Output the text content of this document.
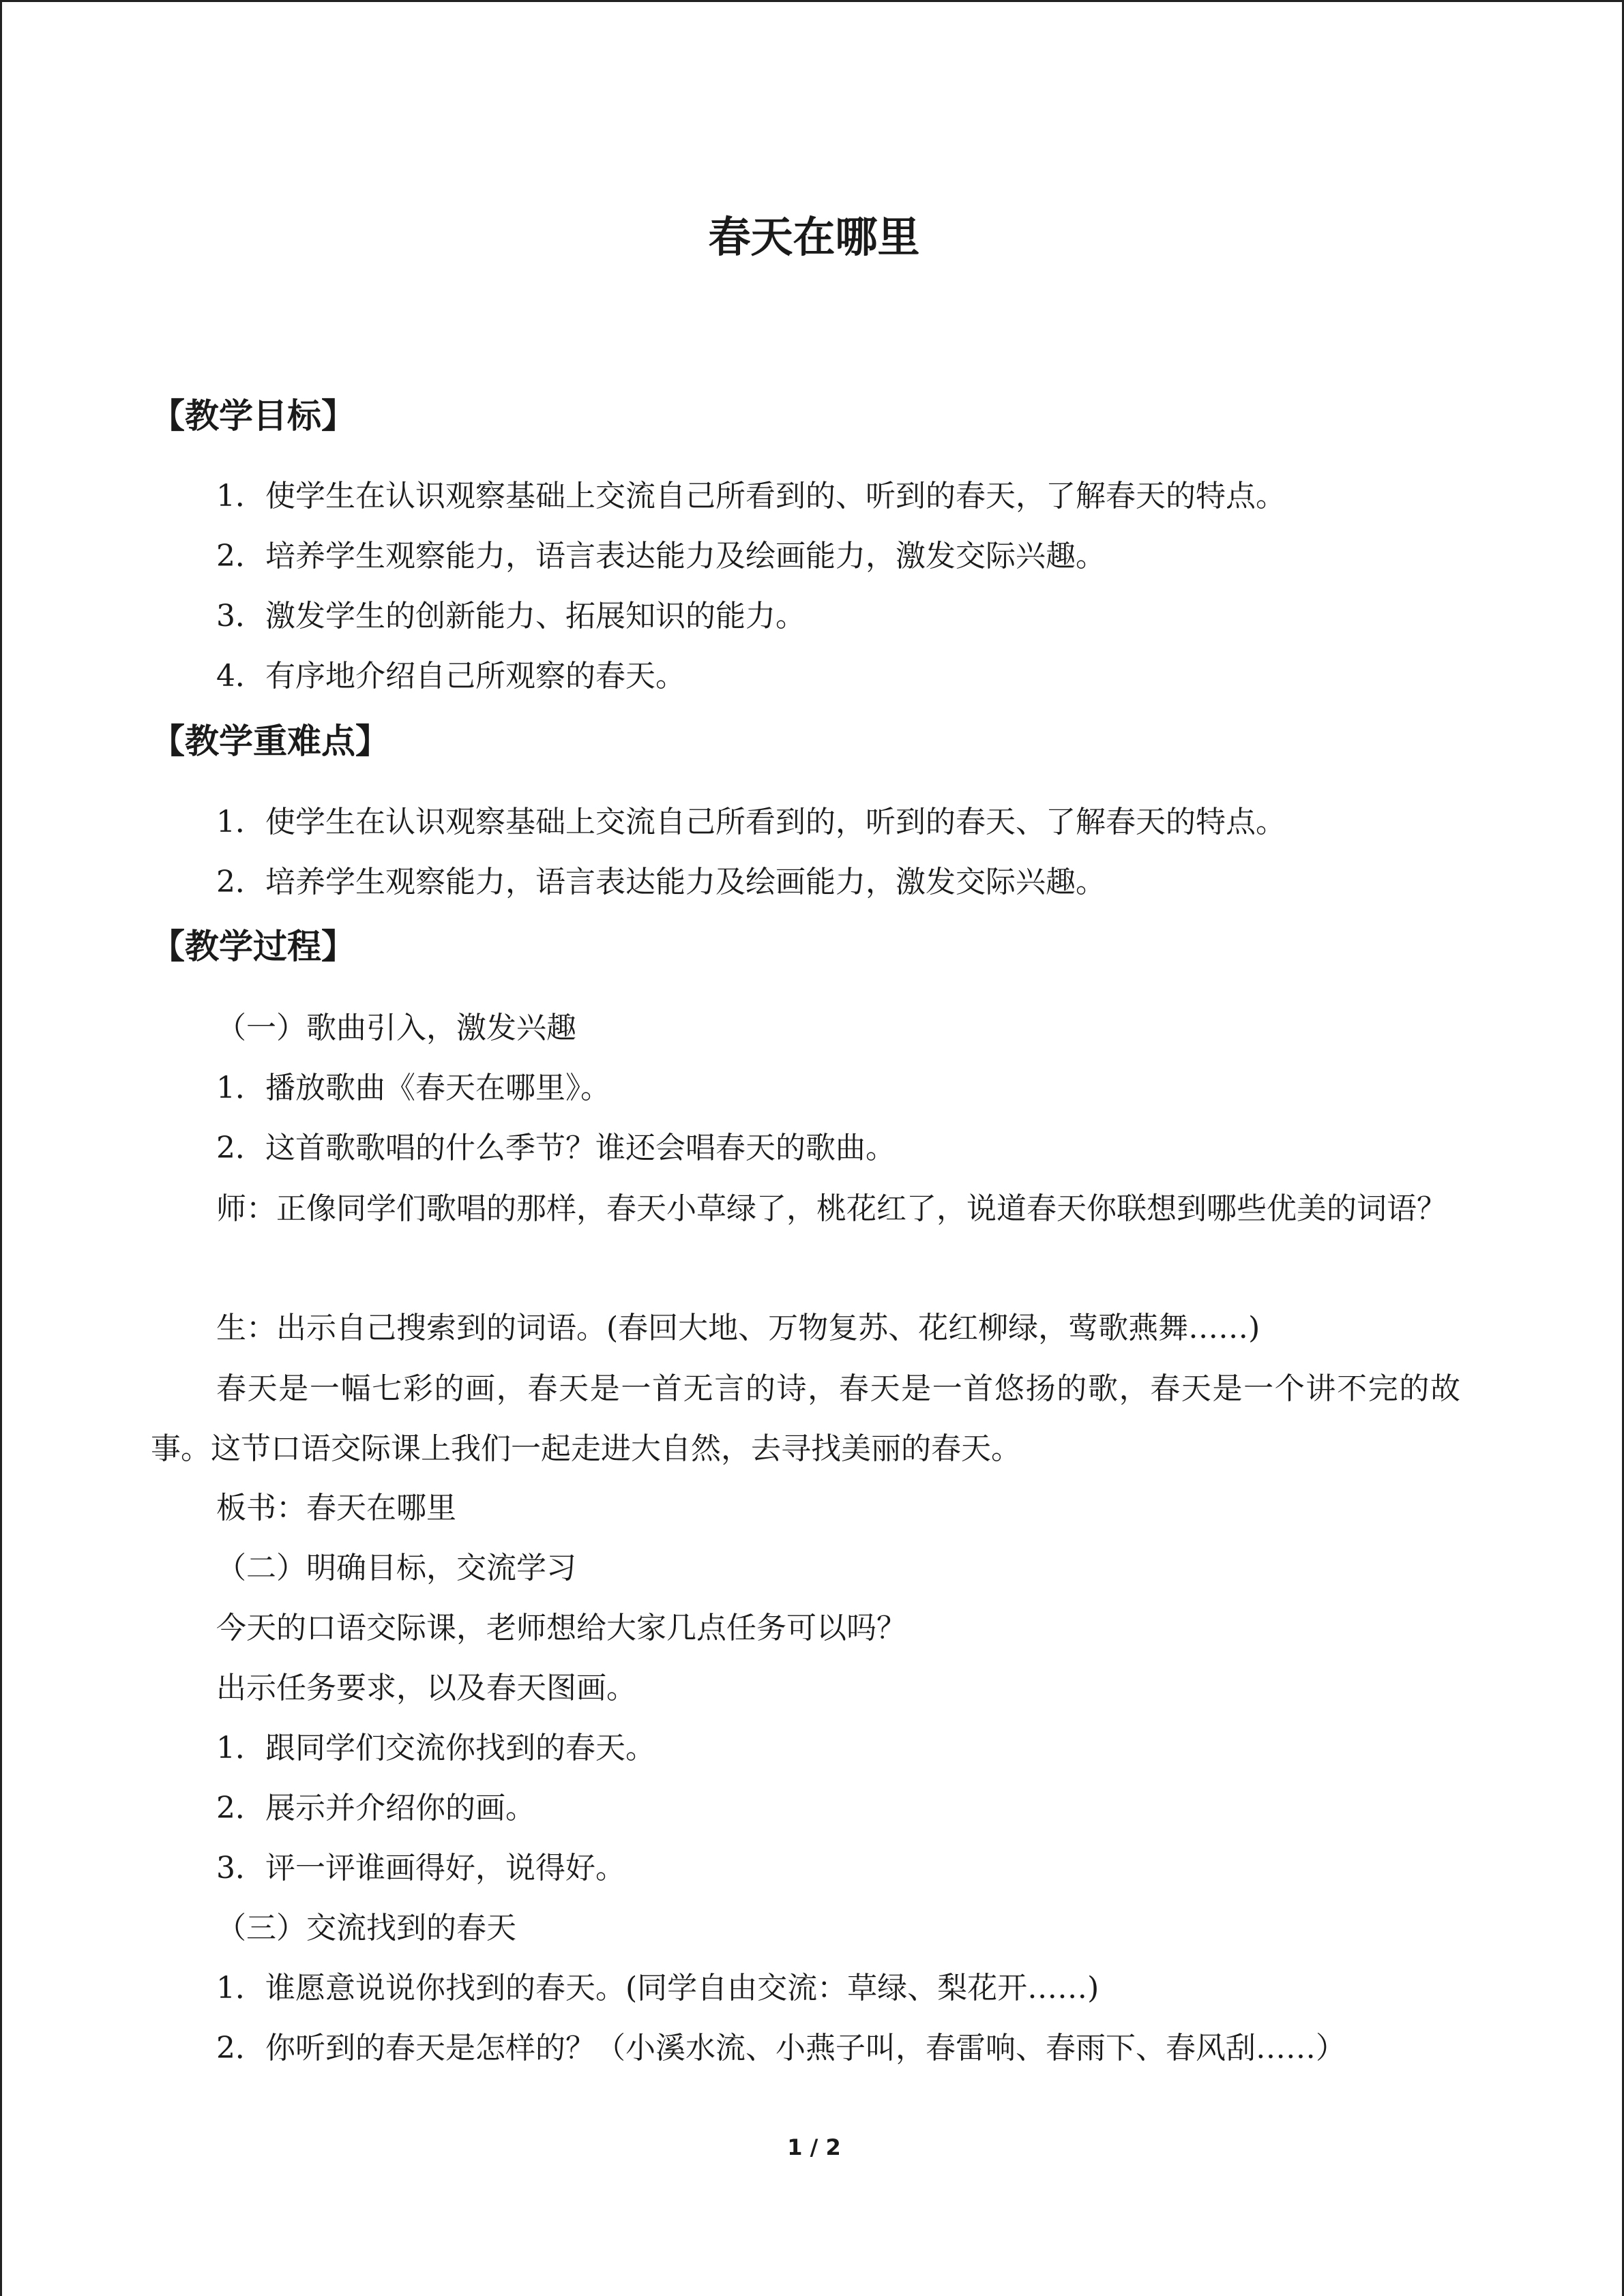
春天在哪里
【教学目标】
1．使学生在认识观察基础上交流自己所看到的、听到的春天，了解春天的特点。
2．培养学生观察能力，语言表达能力及绘画能力，激发交际兴趣。
3．激发学生的创新能力、拓展知识的能力。
4．有序地介绍自己所观察的春天。
【教学重难点】
1．使学生在认识观察基础上交流自己所看到的，听到的春天、了解春天的特点。
2．培养学生观察能力，语言表达能力及绘画能力，激发交际兴趣。
【教学过程】
（一）歌曲引入，激发兴趣
1．播放歌曲《春天在哪里》。
2．这首歌歌唱的什么季节？谁还会唱春天的歌曲。
师：正像同学们歌唱的那样，春天小草绿了，桃花红了，说道春天你联想到哪些优美的词语？
生：出示自己搜索到的词语。(春回大地、万物复苏、花红柳绿，莺歌燕舞……)
春天是一幅七彩的画，春天是一首无言的诗，春天是一首悠扬的歌，春天是一个讲不完的故事。这节口语交际课上我们一起走进大自然，去寻找美丽的春天。
板书：春天在哪里
（二）明确目标，交流学习
今天的口语交际课，老师想给大家几点任务可以吗？
出示任务要求，以及春天图画。
1．跟同学们交流你找到的春天。
2．展示并介绍你的画。
3．评一评谁画得好，说得好。
（三）交流找到的春天
1．谁愿意说说你找到的春天。(同学自由交流：草绿、梨花开……)
2．你听到的春天是怎样的？（小溪水流、小燕子叫，春雷响、春雨下、春风刮……）
1 / 2
